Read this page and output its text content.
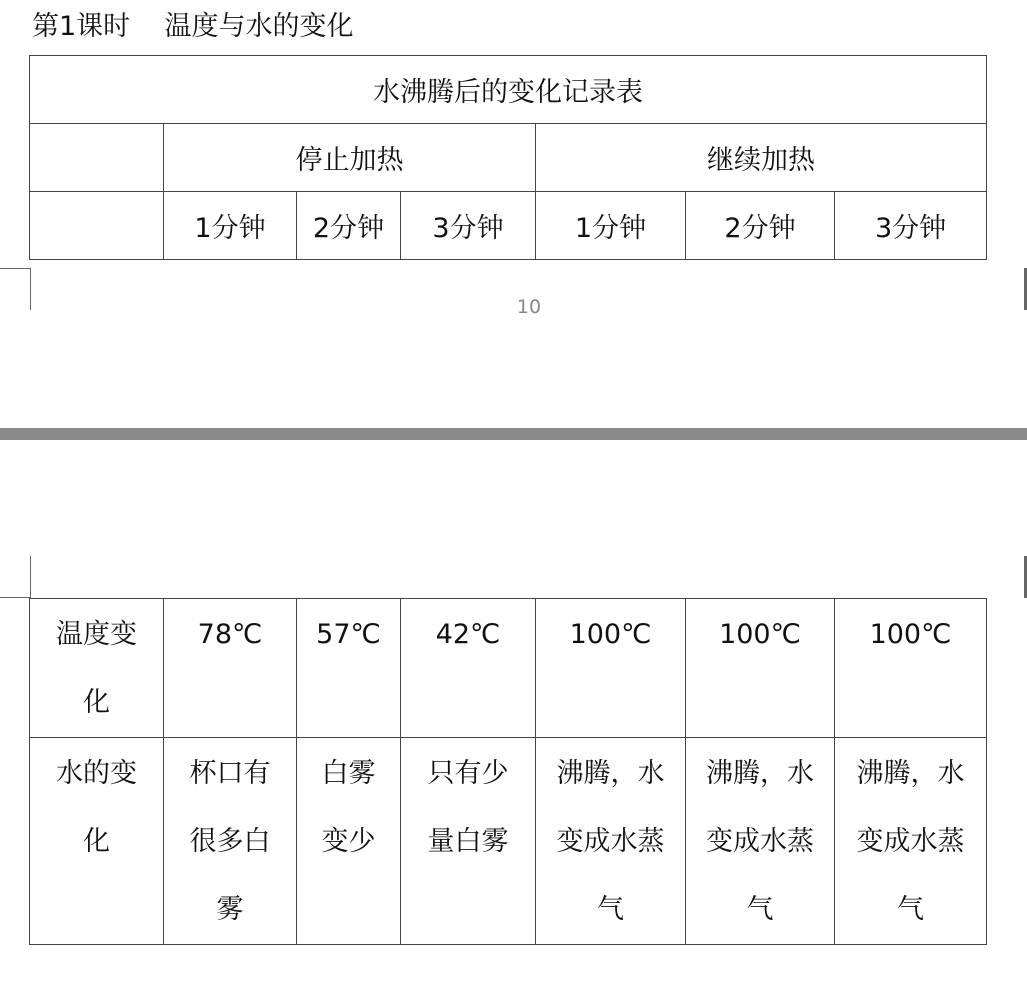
第1课时 温度与水的变化
水沸腾后的变化记录表						
	停止加热			继续加热		
	1分钟	2分钟	3分钟	1分钟	2分钟	3分钟
10
温度变化	78℃	57℃	42℃	100℃	100℃	100℃

水的变化	杯口有很多白雾	白雾变少	只有少量白雾	沸腾，水变成水蒸气	沸腾，水变成水蒸气	沸腾，水变成水蒸气
